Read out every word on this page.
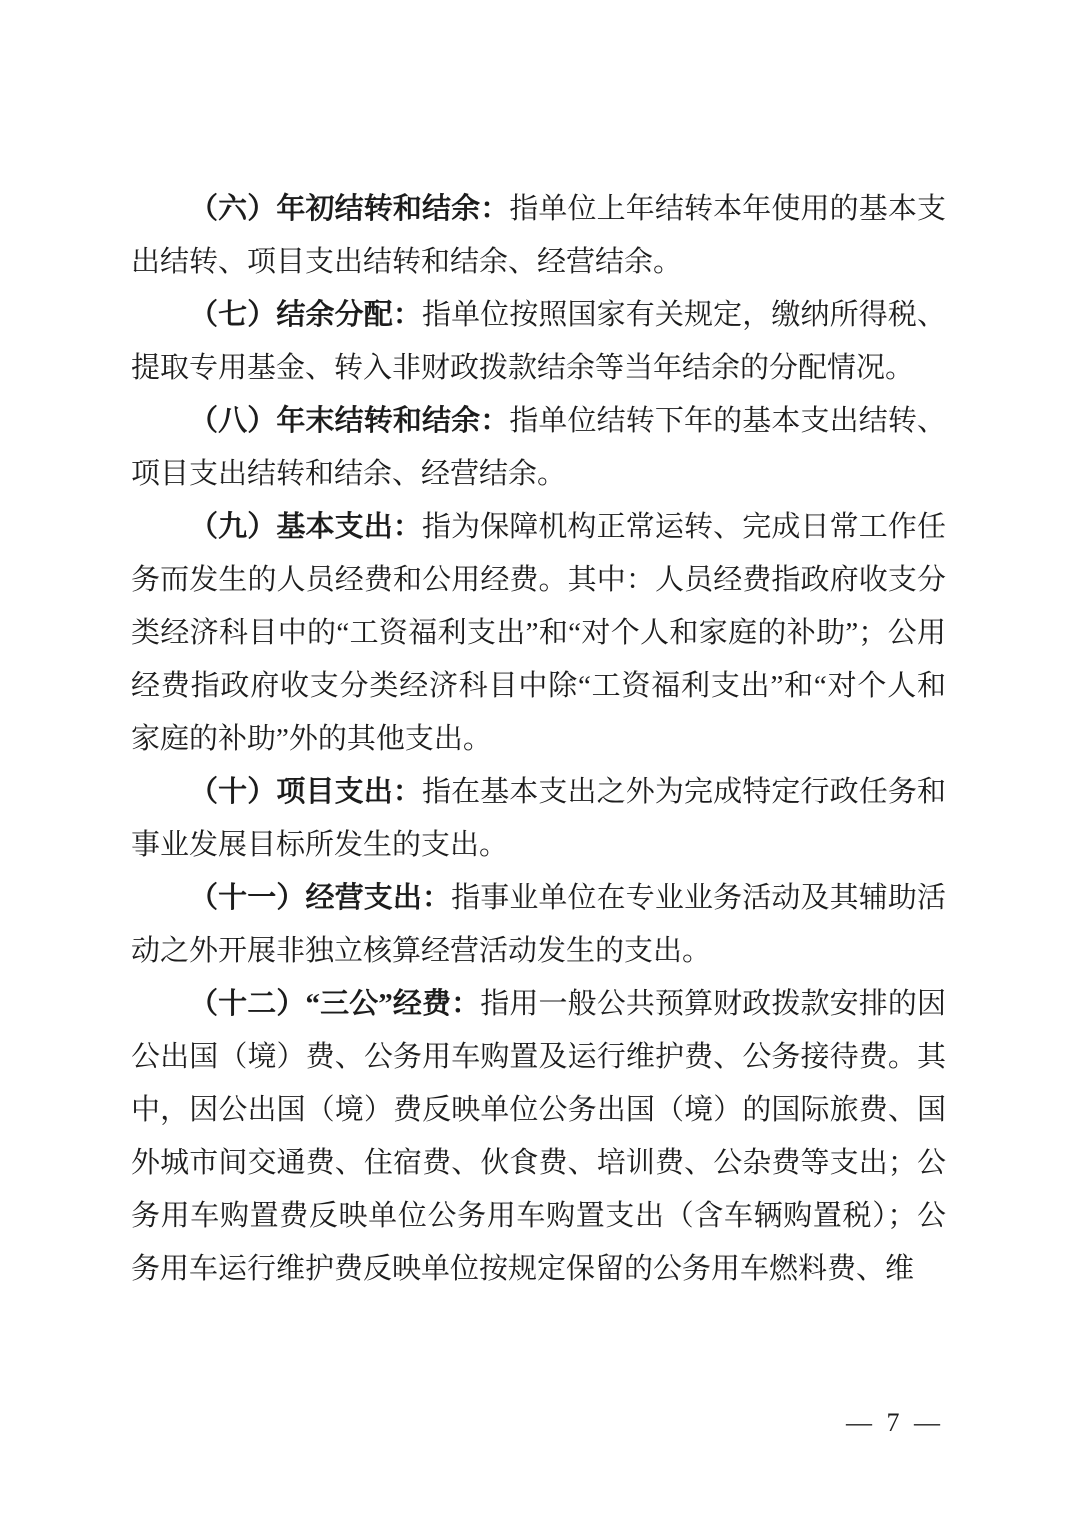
（六）年初结转和结余：指单位上年结转本年使用的基本支出结转、项目支出结转和结余、经营结余。

（七）结余分配：指单位按照国家有关规定，缴纳所得税、提取专用基金、转入非财政拨款结余等当年结余的分配情况。

（八）年末结转和结余：指单位结转下年的基本支出结转、项目支出结转和结余、经营结余。

（九）基本支出：指为保障机构正常运转、完成日常工作任务而发生的人员经费和公用经费。其中：人员经费指政府收支分类经济科目中的“工资福利支出”和“对个人和家庭的补助”；公用经费指政府收支分类经济科目中除“工资福利支出”和“对个人和家庭的补助”外的其他支出。

（十）项目支出：指在基本支出之外为完成特定行政任务和事业发展目标所发生的支出。

（十一）经营支出：指事业单位在专业业务活动及其辅助活动之外开展非独立核算经营活动发生的支出。

（十二）“三公”经费：指用一般公共预算财政拨款安排的因公出国（境）费、公务用车购置及运行维护费、公务接待费。其中，因公出国（境）费反映单位公务出国（境）的国际旅费、国外城市间交通费、住宿费、伙食费、培训费、公杂费等支出；公务用车购置费反映单位公务用车购置支出（含车辆购置税）；公务用车运行维护费反映单位按规定保留的公务用车燃料费、维

— 7 —
